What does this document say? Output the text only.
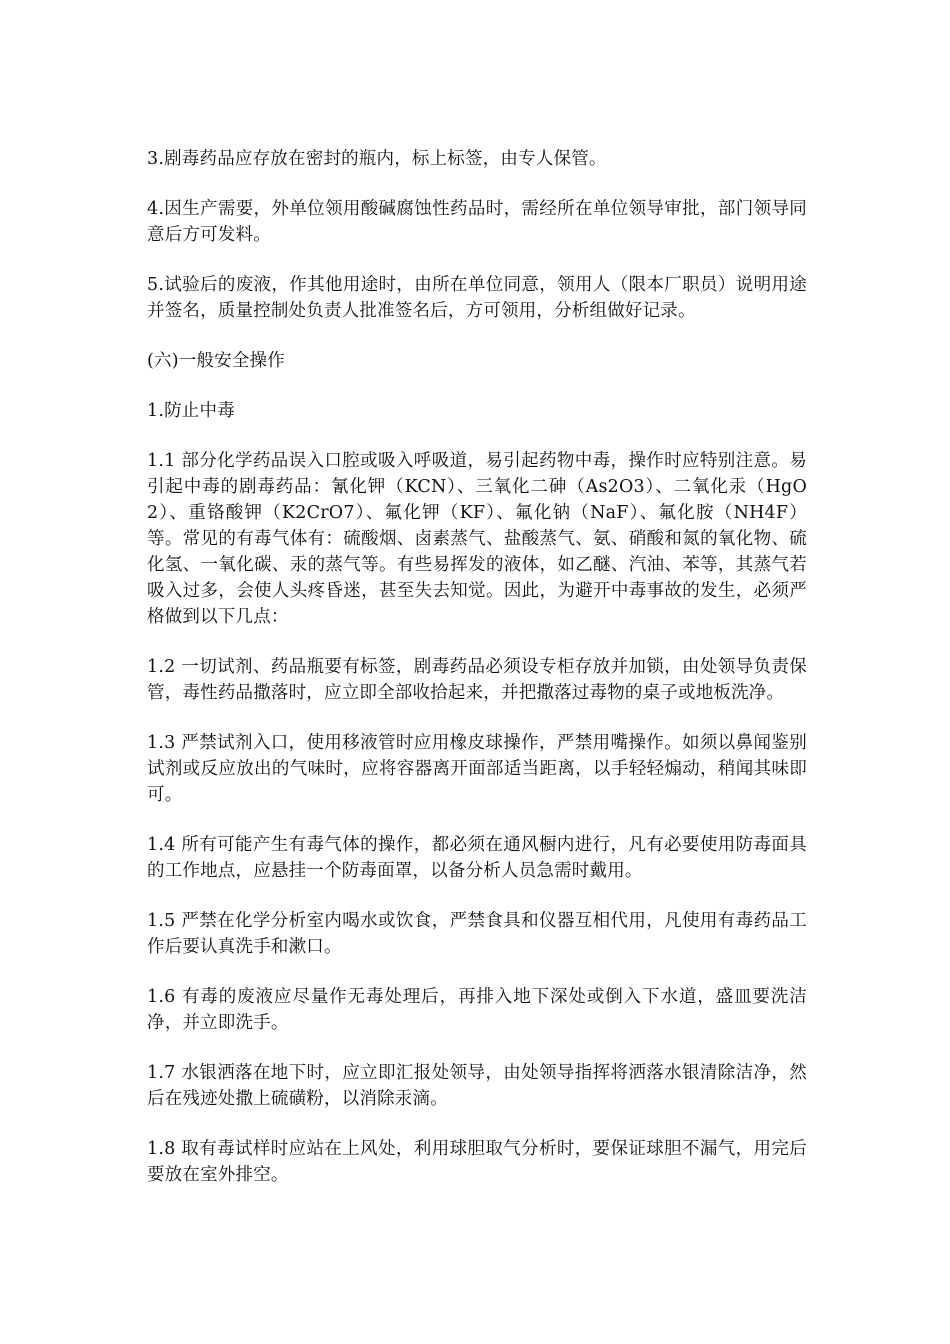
3.剧毒药品应存放在密封的瓶内，标上标签，由专人保管。

4.因生产需要，外单位领用酸碱腐蚀性药品时，需经所在单位领导审批，部门领导同意后方可发料。

5.试验后的废液，作其他用途时，由所在单位同意，领用人（限本厂职员）说明用途并签名，质量控制处负责人批准签名后，方可领用，分析组做好记录。

(六)一般安全操作

1.防止中毒

1.1 部分化学药品误入口腔或吸入呼吸道，易引起药物中毒，操作时应特别注意。易引起中毒的剧毒药品：氰化钾（KCN）、三氧化二砷（As2O3）、二氧化汞（HgO2）、重铬酸钾（K2CrO7）、氟化钾（KF）、氟化钠（NaF）、氟化胺（NH4F）等。常见的有毒气体有：硫酸烟、卤素蒸气、盐酸蒸气、氨、硝酸和氮的氧化物、硫化氢、一氧化碳、汞的蒸气等。有些易挥发的液体，如乙醚、汽油、苯等，其蒸气若吸入过多，会使人头疼昏迷，甚至失去知觉。因此，为避开中毒事故的发生，必须严格做到以下几点：

1.2 一切试剂、药品瓶要有标签，剧毒药品必须设专柜存放并加锁，由处领导负责保管，毒性药品撒落时，应立即全部收拾起来，并把撒落过毒物的桌子或地板洗净。

1.3 严禁试剂入口，使用移液管时应用橡皮球操作，严禁用嘴操作。如须以鼻闻鉴别试剂或反应放出的气味时，应将容器离开面部适当距离，以手轻轻煽动，稍闻其味即可。

1.4 所有可能产生有毒气体的操作，都必须在通风橱内进行，凡有必要使用防毒面具的工作地点，应悬挂一个防毒面罩，以备分析人员急需时戴用。

1.5 严禁在化学分析室内喝水或饮食，严禁食具和仪器互相代用，凡使用有毒药品工作后要认真洗手和漱口。

1.6 有毒的废液应尽量作无毒处理后，再排入地下深处或倒入下水道，盛皿要洗洁净，并立即洗手。

1.7 水银洒落在地下时，应立即汇报处领导，由处领导指挥将洒落水银清除洁净，然后在残迹处撒上硫磺粉，以消除汞滴。

1.8 取有毒试样时应站在上风处，利用球胆取气分析时，要保证球胆不漏气，用完后要放在室外排空。
